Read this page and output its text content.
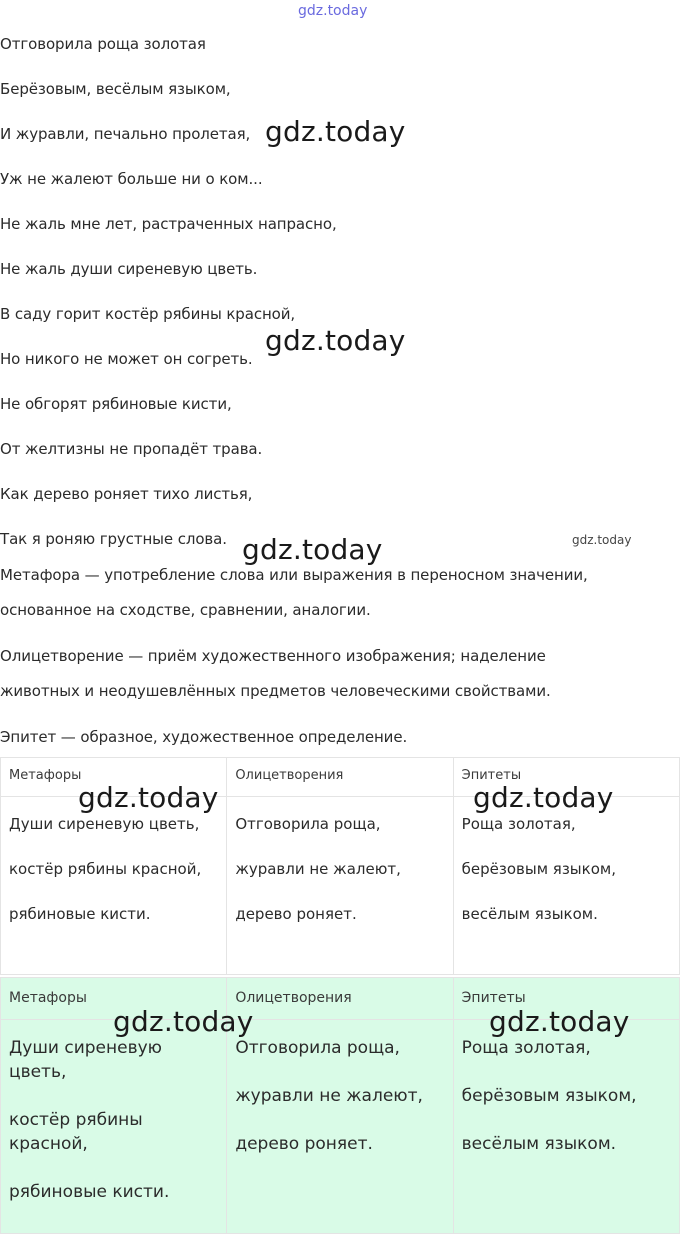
gdz.today
Отговорила роща золотая
Берёзовым, весёлым языком,
И журавли, печально пролетая,
Уж не жалеют больше ни о ком...
Не жаль мне лет, растраченных напрасно,
Не жаль души сиреневую цветь.
В саду горит костёр рябины красной,
Но никого не может он согреть.
Не обгорят рябиновые кисти,
От желтизны не пропадёт трава.
Как дерево роняет тихо листья,
Так я роняю грустные слова.
Метафора — употребление слова или выражения в переносном значении,
основанное на сходстве, сравнении, аналогии.
Олицетворение — приём художественного изображения; наделение
животных и неодушевлённых предметов человеческими свойствами.
Эпитет — образное, художественное определение.
Метафоры	Олицетворения	Эпитеты

Души сиреневую цветь,
костёр рябины красной,
рябиновые кисти.	Отговорила роща,
журавли не жалеют,
дерево роняет.	Роща золотая,
берёзовым языком,
весёлым языком.
Метафоры	Олицетворения	Эпитеты

Души сиреневую цветь,
костёр рябины красной,
рябиновые кисти.	Отговорила роща,
журавли не жалеют,
дерево роняет.	Роща золотая,
берёзовым языком,
весёлым языком.
gdz.today
gdz.today
gdz.today	gdz.today
gdz.today	gdz.today
gdz.today	gdz.today
